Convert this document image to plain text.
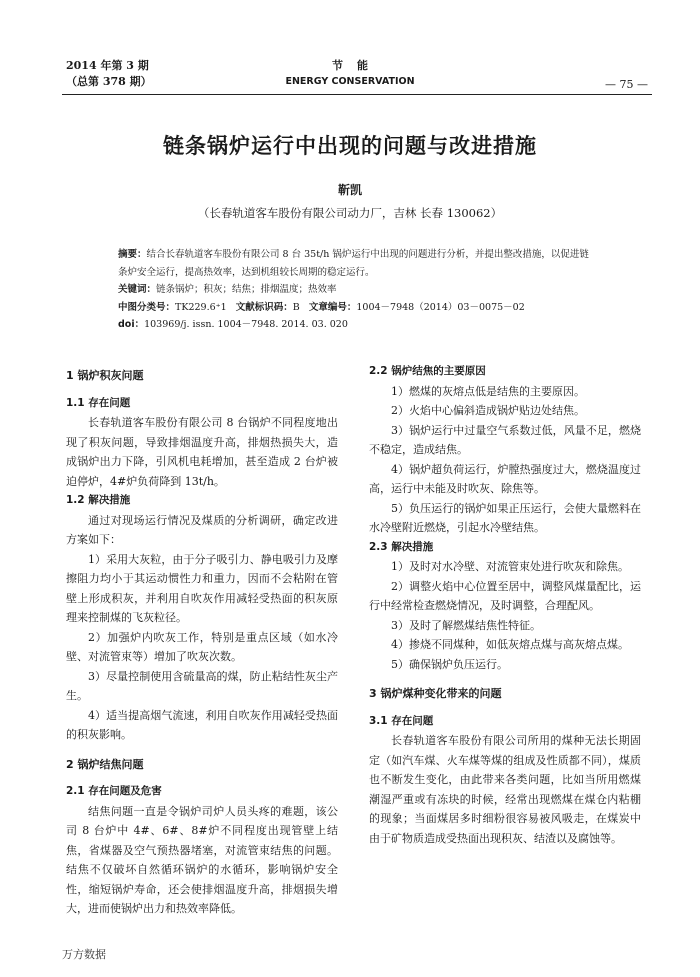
2014 年第 3 期
（总第 378 期）
节能
ENERGY CONSERVATION	— 75 —
链条锅炉运行中出现的问题与改进措施
靳凯
（长春轨道客车股份有限公司动力厂，吉林 长春 130062）

摘要：结合长春轨道客车股份有限公司 8 台 35t/h 锅炉运行中出现的问题进行分析，并提出整改措施，以促进链条炉安全运行，提高热效率，达到机组较长周期的稳定运行。

关键词：链条锅炉；积灰；结焦；排烟温度；热效率

中图分类号：TK229.6⁺1 文献标识码：B 文章编号：1004－7948（2014）03－0075－02

doi：103969/j. issn. 1004－7948. 2014. 03. 020

1 锅炉积灰问题
1.1 存在问题

长春轨道客车股份有限公司 8 台锅炉不同程度地出现了积灰问题，导致排烟温度升高，排烟热损失大，造成锅炉出力下降，引风机电耗增加，甚至造成 2 台炉被迫停炉，4#炉负荷降到 13t/h。

1.2 解决措施

通过对现场运行情况及煤质的分析调研，确定改进方案如下：

1）采用大灰粒，由于分子吸引力、静电吸引力及摩擦阻力均小于其运动惯性力和重力，因而不会粘附在管壁上形成积灰，并利用自吹灰作用减轻受热面的积灰原理来控制煤的飞灰粒径。

2）加强炉内吹灰工作，特别是重点区域（如水冷壁、对流管束等）增加了吹灰次数。

3）尽量控制使用含硫量高的煤，防止粘结性灰尘产生。

4）适当提高烟气流速，利用自吹灰作用减轻受热面的积灰影响。

2 锅炉结焦问题
2.1 存在问题及危害

结焦问题一直是令锅炉司炉人员头疼的难题，该公司 8 台炉中 4#、6#、8#炉不同程度出现管壁上结焦，省煤器及空气预热器堵塞，对流管束结焦的问题。结焦不仅破坏自然循环锅炉的水循环，影响锅炉安全性，缩短锅炉寿命，还会使排烟温度升高，排烟损失增大，进而使锅炉出力和热效率降低。

2.2 锅炉结焦的主要原因

1）燃煤的灰熔点低是结焦的主要原因。

2）火焰中心偏斜造成锅炉贴边处结焦。

3）锅炉运行中过量空气系数过低，风量不足，燃烧不稳定，造成结焦。

4）锅炉超负荷运行，炉膛热强度过大，燃烧温度过高，运行中未能及时吹灰、除焦等。

5）负压运行的锅炉如果正压运行，会使大量燃料在水冷壁附近燃烧，引起水冷壁结焦。

2.3 解决措施

1）及时对水冷壁、对流管束处进行吹灰和除焦。

2）调整火焰中心位置至居中，调整风煤量配比，运行中经常检查燃烧情况，及时调整，合理配风。

3）及时了解燃煤结焦性特征。

4）掺烧不同煤种，如低灰熔点煤与高灰熔点煤。

5）确保锅炉负压运行。

3 锅炉煤种变化带来的问题
3.1 存在问题

长春轨道客车股份有限公司所用的煤种无法长期固定（如汽车煤、火车煤等煤的组成及性质都不同），煤质也不断发生变化，由此带来各类问题，比如当所用燃煤潮湿严重或有冻块的时候，经常出现燃煤在煤仓内粘棚的现象；当面煤居多时细粉很容易被风吸走，在煤炭中由于矿物质造成受热面出现积灰、结渣以及腐蚀等。

万方数据
